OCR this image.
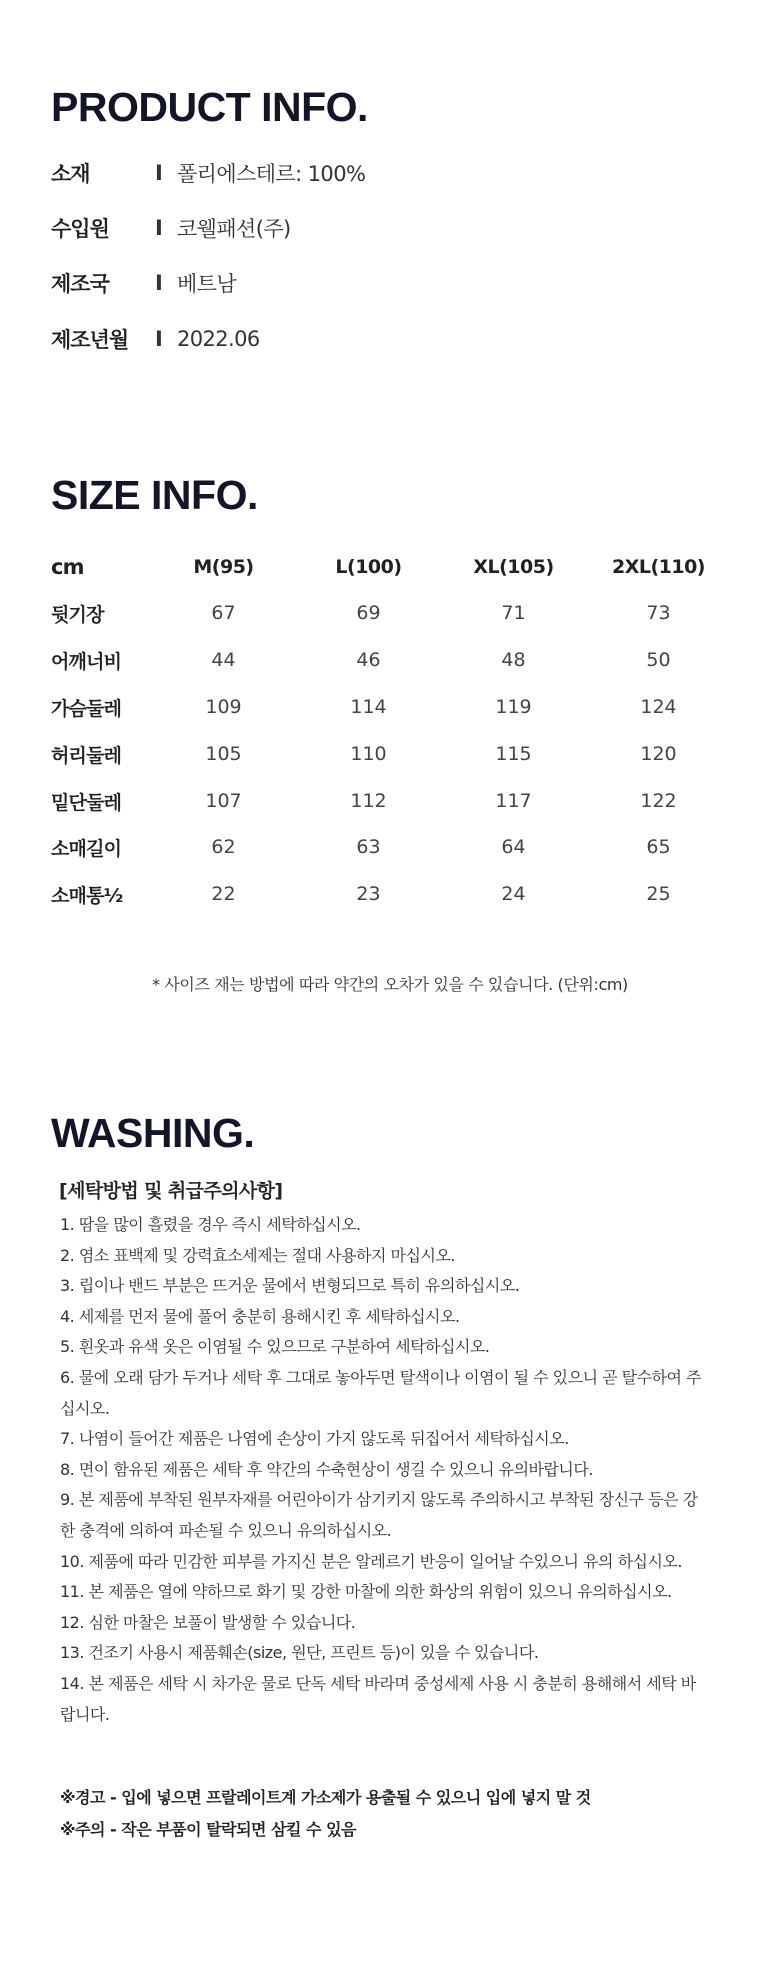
PRODUCT INFO.
소재	I 폴리에스테르: 100%
수입원	I 코웰패션(주)
제조국	I 베트남
제조년월	I 2022.06
SIZE INFO.
cm	M(95)	L(100)	XL(105)	2XL(110)
뒷기장	67	69	71	73
어깨너비	44	46	48	50
가슴둘레	109	114	119	124
허리둘레	105	110	115	120
밑단둘레	107	112	117	122
소매길이	62	63	64	65
소매통½	22	23	24	25
* 사이즈 재는 방법에 따라 약간의 오차가 있을 수 있습니다. (단위:cm)
WASHING.
[세탁방법 및 취급주의사항]
1. 땀을 많이 흘렸을 경우 즉시 세탁하십시오.
2. 염소 표백제 및 강력효소세제는 절대 사용하지 마십시오.
3. 립이나 밴드 부분은 뜨거운 물에서 변형되므로 특히 유의하십시오.
4. 세제를 먼저 물에 풀어 충분히 용해시킨 후 세탁하십시오.
5. 흰옷과 유색 옷은 이염될 수 있으므로 구분하여 세탁하십시오.
6. 물에 오래 담가 두거나 세탁 후 그대로 놓아두면 탈색이나 이염이 될 수 있으니 곧 탈수하여 주십시오.
7. 나염이 들어간 제품은 나염에 손상이 가지 않도록 뒤집어서 세탁하십시오.
8. 면이 함유된 제품은 세탁 후 약간의 수축현상이 생길 수 있으니 유의바랍니다.
9. 본 제품에 부착된 원부자재를 어린아이가 삼기키지 않도록 주의하시고 부착된 장신구 등은 강한 충격에 의하여 파손될 수 있으니 유의하십시오.
10. 제품에 따라 민감한 피부를 가지신 분은 알레르기 반응이 일어날 수있으니 유의 하십시오.
11. 본 제품은 열에 약하므로 화기 및 강한 마찰에 의한 화상의 위험이 있으니 유의하십시오.
12. 심한 마찰은 보풀이 발생할 수 있습니다.
13. 건조기 사용시 제품훼손(size, 원단, 프린트 등)이 있을 수 있습니다.
14. 본 제품은 세탁 시 차가운 물로 단독 세탁 바라며 중성세제 사용 시 충분히 용해해서 세탁 바랍니다.
※경고 - 입에 넣으면 프랄레이트계 가소제가 용출될 수 있으니 입에 넣지 말 것
※주의 - 작은 부품이 탈락되면 삼킬 수 있음
